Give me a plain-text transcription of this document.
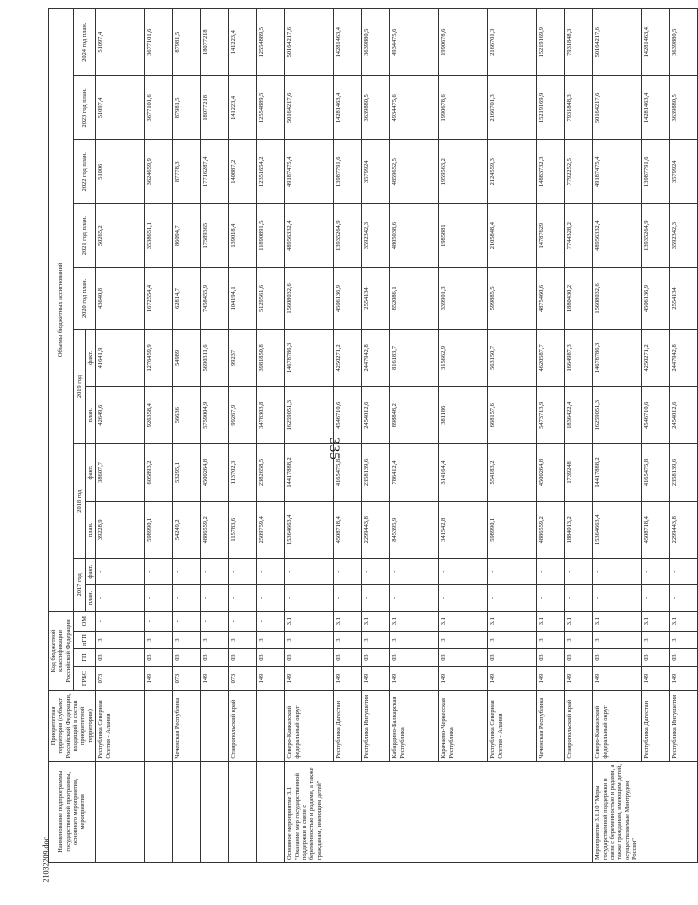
335
21032209.doc
Наименование подпрограммы государственной программы, основного мероприятия, мероприятия	Приоритетная территория (субъект Российской Федерации, входящий в состав приоритетной территории)	Код бюджетной классификации Российской Федерации				Объемы бюджетных ассигнований										
		ГРБС	ГП	пГП	ОМ	2017 год		2018 год		2019 год		2020 год план.	2021 год план.	2022 год план.	2023 год план.	2024 год план.
						план.	факт.	план.	факт.	план.	факт.					
	Республика Северная Осетия - Алания	073	03	3	-	-	-	39228,9	38607,7	42649,6	41641,9	43640,8	50265,2	51006	51097,4	51097,4
		149	03	3	-	-	-	598990,1	605893,2	926358,4	1276459,9	1672554,4	3538651,1	3624659,9	3677101,6	3677101,6
	Чеченская Республика	073	03	3	-	-	-	54249,2	53295,1	56636	54989	62814,7	86094,7	87778,3	87981,5	87981,5
		149	03	3	-	-	-	4886559,2	4500264,8	5759004,9	5690311,6	7458455,9	17589365	17716287,4	18077218	18077218
	Ставропольский край	073	03	3	-	-	-	115783,6	113702,3	99267,9	99237	104194,1	139018,4	140887,2	141223,4	141223,4
		149	03	3	-	-	-	2509759,4	2382658,5	3478303,8	3981850,8	5129561,6	11890891,5	12351654,2	12554889,5	12554889,5
Основное мероприятие 3.1 "Оказание мер государственной поддержки в связи с беременностью и родами, а также гражданам, имеющим детей"	Северо-Кавказский федеральный округ	149	03	3	3.1	-	-	15364663,4	14417888,2	16259051,3	14678786,3	15608032,6	48956332,4	49187475,4	50164217,6	50164217,6
	Республика Дагестан	149	03	3	3.1	-	-	4508718,4	4165475,8	4546710,6	4250271,2	4506136,9	13935264,9	13987791,6	14281463,4	14281463,4
	Республика Ингушетия	149	03	3	3.1	-	-	2299443,8	2358139,6	2454012,6	2447942,8	2554134	3592342,3	3579924	3639880,5	3639880,5
	Кабардино-Балкарская Республика	149	03	3	3.1	-	-	845395,9	786412,4	898848,2	816183,7	852086,1	4805038,6	4859652,5	4934475,6	4934475,6
	Карачаево-Черкесская Республика	149	03	3	3.1	-	-	341542,8	314164,4	381186	315662,9	339901,3	1985881	1959563,2	1990678,6	1990678,6
	Республика Северная Осетия - Алания	149	03	3	3.1	-	-	598990,1	554183,2	668157,6	563150,7	599885,5	2105848,4	2124559,3	2166701,3	2166701,3
	Чеченская Республика	149	03	3	3.1	-	-	4886559,2	4500264,8	5473713,9	4620587,7	4875460,6	14787629	14883732,3	15219169,9	15219169,9
	Ставропольский край	149	03	3	3.1	-	-	1884013,2	1739248	1836422,4	1664987,3	1880430,2	7744328,2	7792252,5	7931848,3	7931848,3
Мероприятие 3.1.10 "Меры государственной поддержки в связи с беременностью и родами, а также гражданам, имеющим детей, осуществляемые Минтрудом России"	Северо-Кавказский федеральный округ	149	03	3	3.1	-	-	15364663,4	14417888,2	16259051,3	14678786,3	15608032,6	48956332,4	49187475,4	50164217,6	50164217,6
	Республика Дагестан	149	03	3	3.1	-	-	4508718,4	4165475,8	4546710,6	4250271,2	4506136,9	13935264,9	13987791,6	14281463,4	14281463,4
	Республика Ингушетия	149	03	3	3.1	-	-	2299443,8	2358139,6	2454012,6	2447942,8	2554134	3592342,3	3579924	3639880,5	3639880,5
